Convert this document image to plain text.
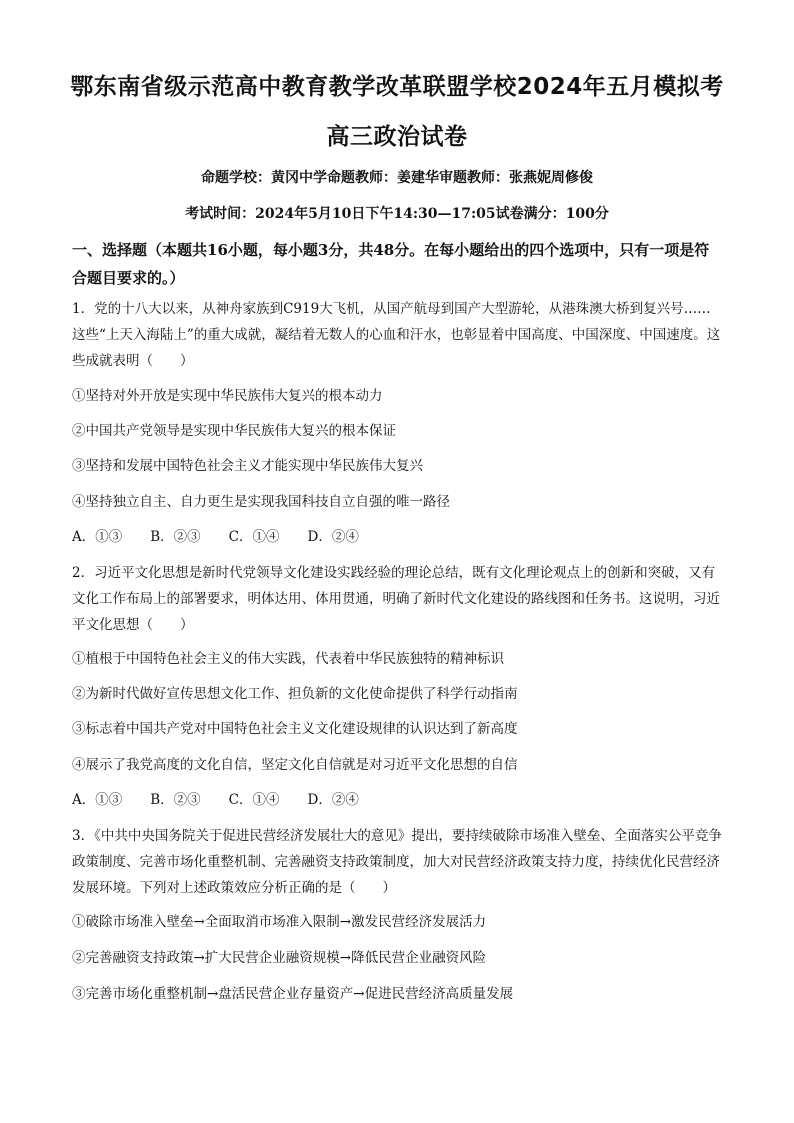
鄂东南省级示范高中教育教学改革联盟学校2024年五月模拟考
高三政治试卷
命题学校：黄冈中学命题教师：姜建华审题教师：张燕妮周修俊
考试时间：2024年5月10日下午14:30—17:05试卷满分：100分
一、选择题（本题共16小题，每小题3分，共48分。在每小题给出的四个选项中，只有一项是符合题目要求的。）
1．党的十八大以来，从神舟家族到C919大飞机，从国产航母到国产大型游轮，从港珠澳大桥到复兴号……这些“上天入海陆上”的重大成就，凝结着无数人的心血和汗水，也彰显着中国高度、中国深度、中国速度。这些成就表明（　　）
①坚持对外开放是实现中华民族伟大复兴的根本动力
②中国共产党领导是实现中华民族伟大复兴的根本保证
③坚持和发展中国特色社会主义才能实现中华民族伟大复兴
④坚持独立自主、自力更生是实现我国科技自立自强的唯一路径
A．①③ B．②③ C．①④ D．②④
2．习近平文化思想是新时代党领导文化建设实践经验的理论总结，既有文化理论观点上的创新和突破，又有文化工作布局上的部署要求，明体达用、体用贯通，明确了新时代文化建设的路线图和任务书。这说明，习近平文化思想（　　）
①植根于中国特色社会主义的伟大实践，代表着中华民族独特的精神标识
②为新时代做好宣传思想文化工作、担负新的文化使命提供了科学行动指南
③标志着中国共产党对中国特色社会主义文化建设规律的认识达到了新高度
④展示了我党高度的文化自信，坚定文化自信就是对习近平文化思想的自信
A．①③ B．②③ C．①④ D．②④
3．《中共中央国务院关于促进民营经济发展壮大的意见》提出，要持续破除市场准入壁垒、全面落实公平竞争政策制度、完善市场化重整机制、完善融资支持政策制度，加大对民营经济政策支持力度，持续优化民营经济发展环境。下列对上述政策效应分析正确的是（　　）
①破除市场准入壁垒→全面取消市场准入限制→激发民营经济发展活力
②完善融资支持政策→扩大民营企业融资规模→降低民营企业融资风险
③完善市场化重整机制→盘活民营企业存量资产→促进民营经济高质量发展
